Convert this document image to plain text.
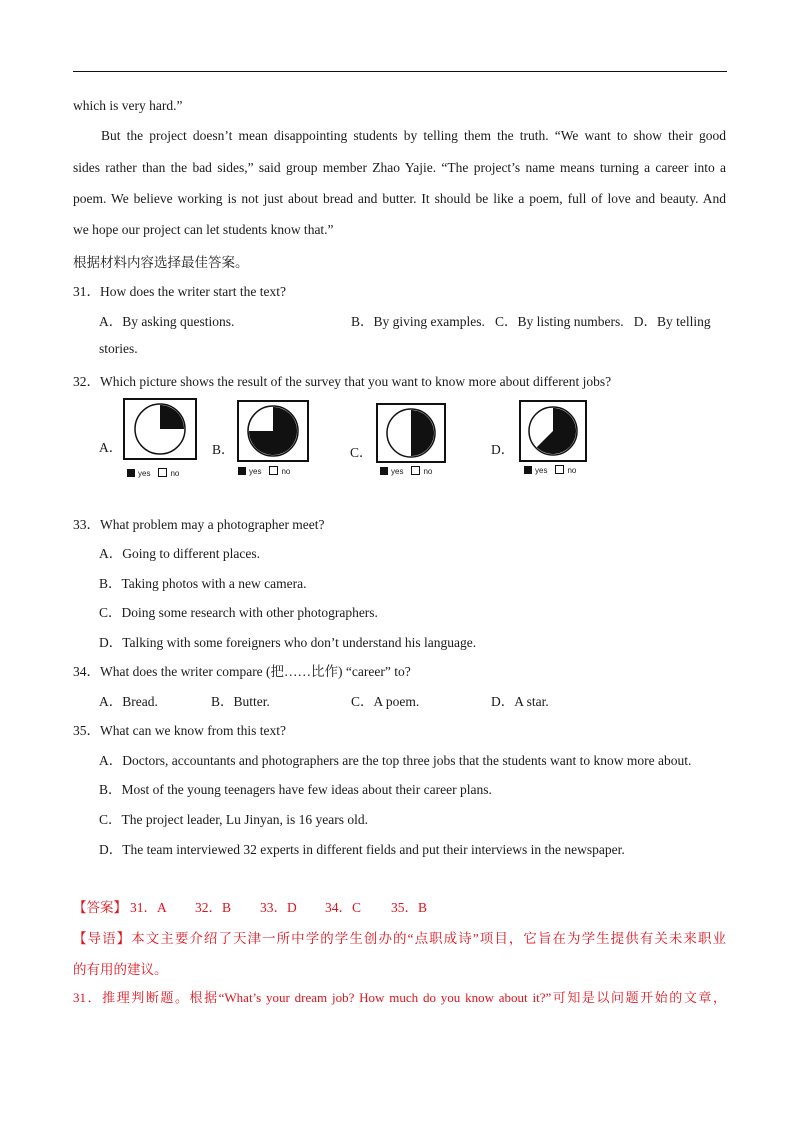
which is very hard.”
But the project doesn’t mean disappointing students by telling them the truth. “We want to show their good
sides rather than the bad sides,” said group member Zhao Yajie. “The project’s name means turning a career into a
poem. We believe working is not just about bread and butter. It should be like a poem, full of love and beauty. And
we hope our project can let students know that.”
根据材料内容选择最佳答案。
31．How does the writer start the text?
A．By asking questions.	B．By giving examples.   C．By listing numbers.   D．By telling
stories.
32．Which picture shows the result of the survey that you want to know more about different jobs?
A．
yes	no
B．
yes	no
C．
yes	no
D．
yes	no
33．What problem may a photographer meet?
A．Going to different places.
B．Taking photos with a new camera.
C．Doing some research with other photographers.
D．Talking with some foreigners who don’t understand his language.
34．What does the writer compare (把……比作) “career” to?
A．Bread.	B．Butter.	C．A poem.	D．A star.
35．What can we know from this text?
A．Doctors, accountants and photographers are the top three jobs that the students want to know more about.
B．Most of the young teenagers have few ideas about their career plans.
C．The project leader, Lu Jinyan, is 16 years old.
D．The team interviewed 32 experts in different fields and put their interviews in the newspaper.
【答案】 31．A 32．B 33．D 34．C 35．B
【导语】本文主要介绍了天津一所中学的学生创办的“点职成诗”项目，它旨在为学生提供有关未来职业
的有用的建议。
31．推理判断题。根据“What’s your dream job? How much do you know about it?”可知是以问题开始的文章，
